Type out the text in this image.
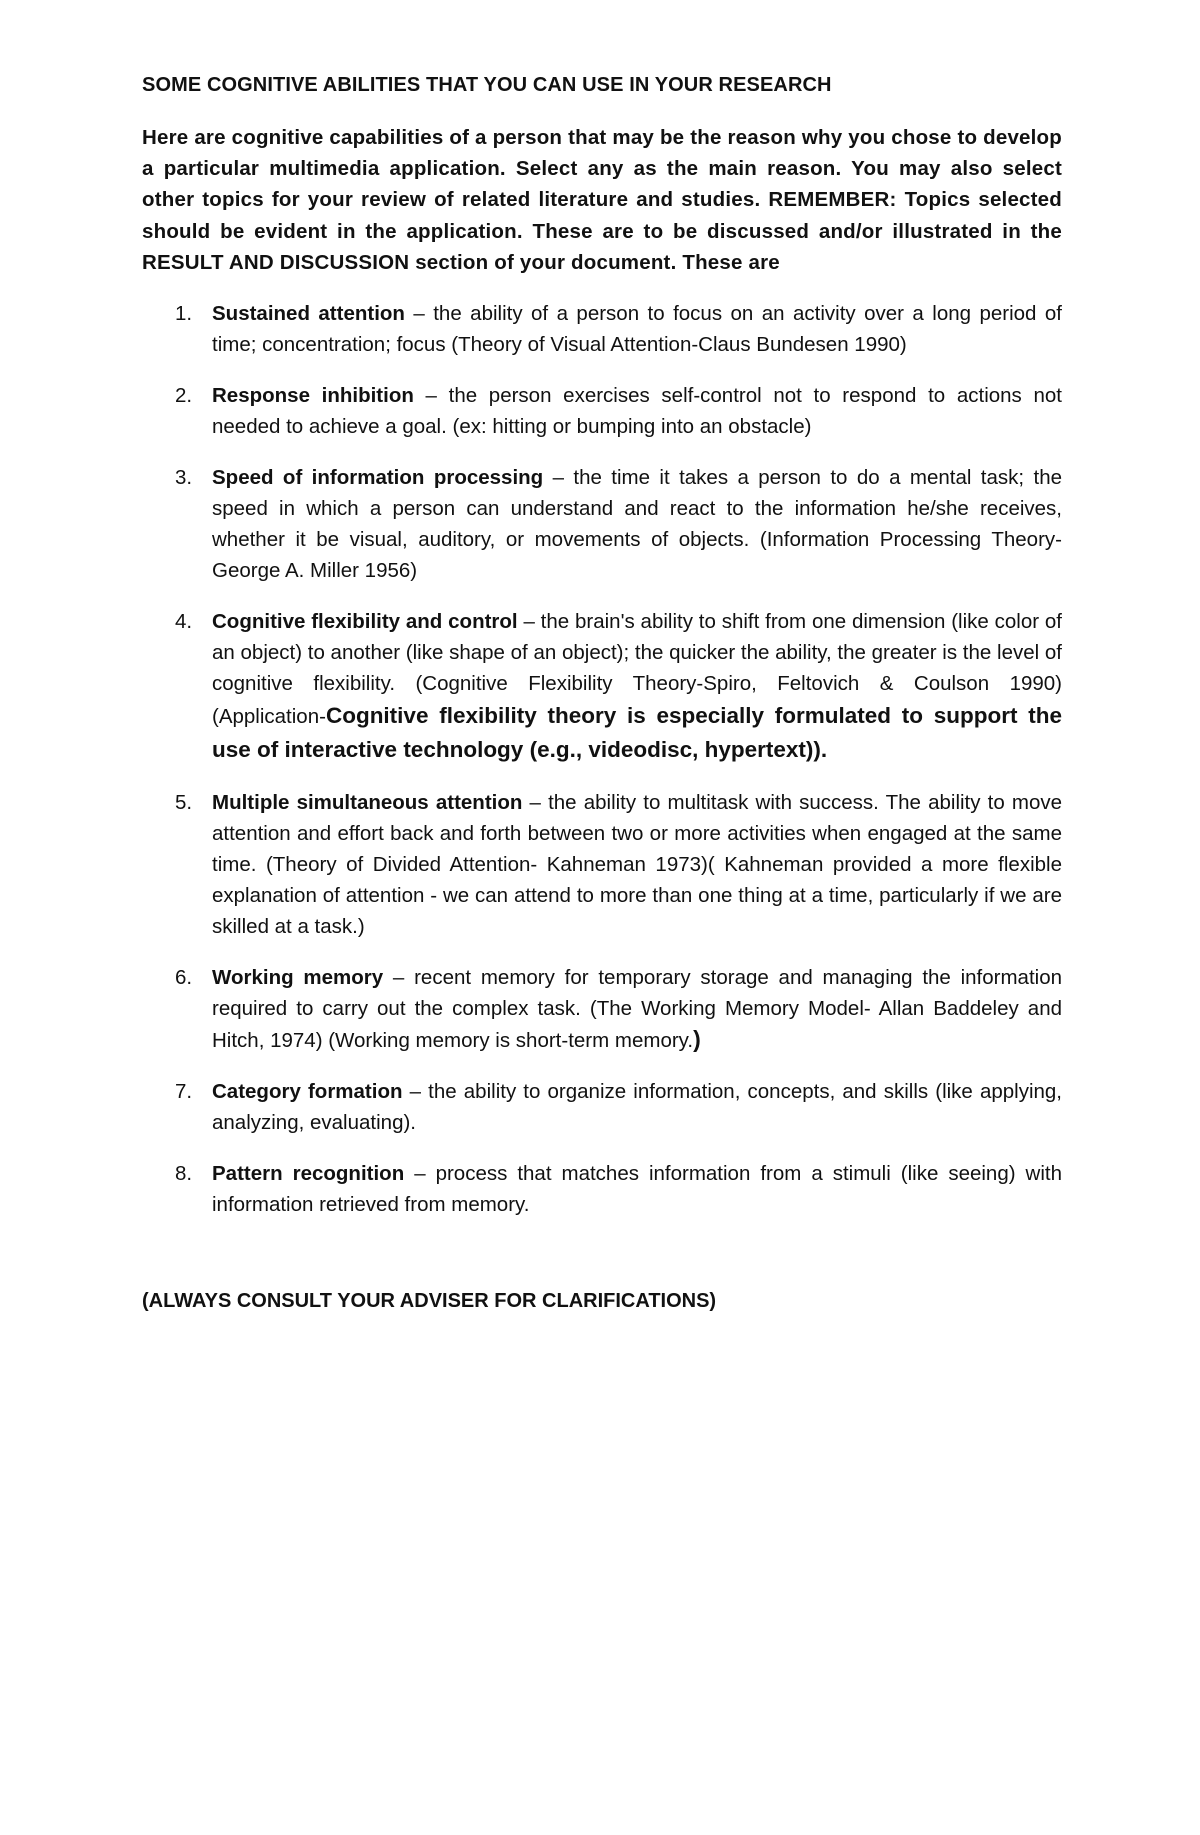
SOME COGNITIVE ABILITIES THAT YOU CAN USE IN YOUR RESEARCH

Here are cognitive capabilities of a person that may be the reason why you chose to develop a particular multimedia application. Select any as the main reason. You may also select other topics for your review of related literature and studies. REMEMBER: Topics selected should be evident in the application. These are to be discussed and/or illustrated in the RESULT AND DISCUSSION section of your document. These are

1. Sustained attention – the ability of a person to focus on an activity over a long period of time; concentration; focus (Theory of Visual Attention-Claus Bundesen 1990)
2. Response inhibition – the person exercises self-control not to respond to actions not needed to achieve a goal. (ex: hitting or bumping into an obstacle)
3. Speed of information processing – the time it takes a person to do a mental task; the speed in which a person can understand and react to the information he/she receives, whether it be visual, auditory, or movements of objects. (Information Processing Theory-George A. Miller 1956)
4. Cognitive flexibility and control – the brain's ability to shift from one dimension (like color of an object) to another (like shape of an object); the quicker the ability, the greater is the level of cognitive flexibility. (Cognitive Flexibility Theory-Spiro, Feltovich & Coulson 1990) (Application-Cognitive flexibility theory is especially formulated to support the use of interactive technology (e.g., videodisc, hypertext)).
5. Multiple simultaneous attention – the ability to multitask with success. The ability to move attention and effort back and forth between two or more activities when engaged at the same time. (Theory of Divided Attention- Kahneman 1973)( Kahneman provided a more flexible explanation of attention - we can attend to more than one thing at a time, particularly if we are skilled at a task.)
6. Working memory – recent memory for temporary storage and managing the information required to carry out the complex task. (The Working Memory Model- Allan Baddeley and Hitch, 1974) (Working memory is short-term memory.)
7. Category formation – the ability to organize information, concepts, and skills (like applying, analyzing, evaluating).
8. Pattern recognition – process that matches information from a stimuli (like seeing) with information retrieved from memory.
(ALWAYS CONSULT YOUR ADVISER FOR CLARIFICATIONS)
